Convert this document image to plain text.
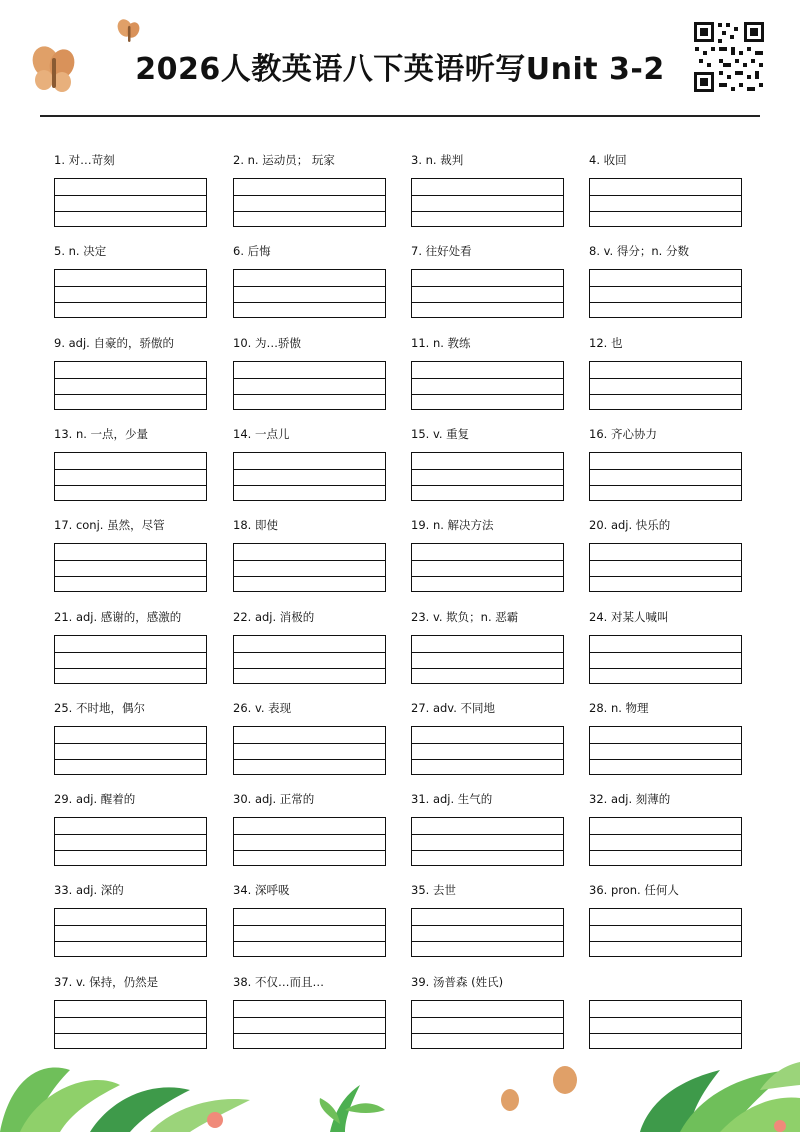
2026人教英语八下英语听写Unit 3-2
1. 对…苛刻	2. n. 运动员； 玩家	3. n. 裁判	4. 收回
5. n. 决定	6. 后悔	7. 往好处看	8. v. 得分；n. 分数
9. adj. 自豪的，骄傲的	10. 为…骄傲	11. n. 教练	12. 也
13. n. 一点，少量	14. 一点儿	15. v. 重复	16. 齐心协力
17. conj. 虽然，尽管	18. 即使	19. n. 解决方法	20. adj. 快乐的
21. adj. 感谢的，感激的	22. adj. 消极的	23. v. 欺负；n. 恶霸	24. 对某人喊叫
25. 不时地，偶尔	26. v. 表现	27. adv. 不同地	28. n. 物理
29. adj. 醒着的	30. adj. 正常的	31. adj. 生气的	32. adj. 刻薄的
33. adj. 深的	34. 深呼吸	35. 去世	36. pron. 任何人
37. v. 保持，仍然是	38. 不仅…而且…	39. 汤普森 (姓氏)
